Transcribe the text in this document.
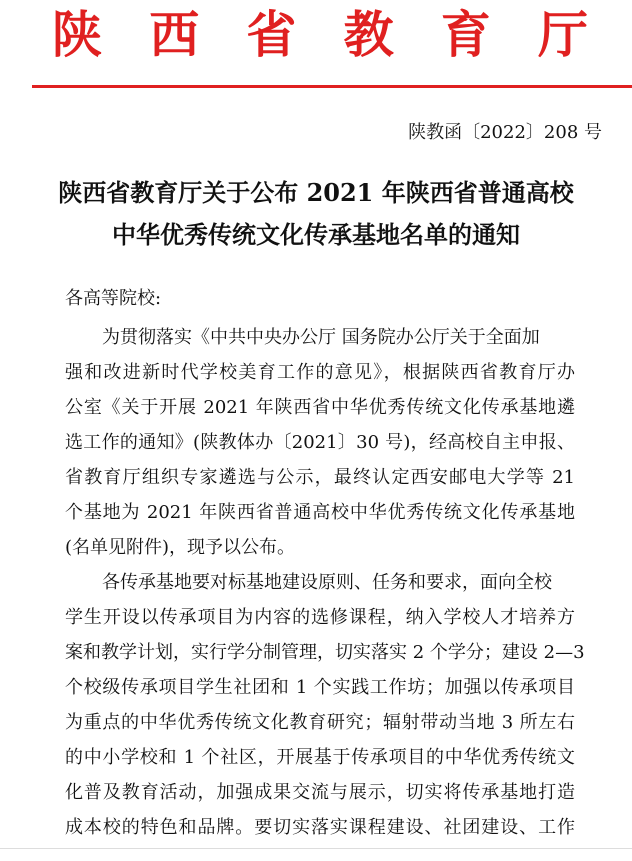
陕 西 省 教 育 厅
陕教函〔2022〕208 号
陕西省教育厅关于公布 2021 年陕西省普通高校
中华优秀传统文化传承基地名单的通知
各高等院校:
为贯彻落实《中共中央办公厅 国务院办公厅关于全面加
强和改进新时代学校美育工作的意见》，根据陕西省教育厅办
公室《关于开展 2021 年陕西省中华优秀传统文化传承基地遴
选工作的通知》(陕教体办〔2021〕30 号)，经高校自主申报、
省教育厅组织专家遴选与公示，最终认定西安邮电大学等 21
个基地为 2021 年陕西省普通高校中华优秀传统文化传承基地
(名单见附件)，现予以公布。
各传承基地要对标基地建设原则、任务和要求，面向全校
学生开设以传承项目为内容的选修课程，纳入学校人才培养方
案和教学计划，实行学分制管理，切实落实 2 个学分；建设 2—3
个校级传承项目学生社团和 1 个实践工作坊；加强以传承项目
为重点的中华优秀传统文化教育研究；辐射带动当地 3 所左右
的中小学校和 1 个社区，开展基于传承项目的中华优秀传统文
化普及教育活动，加强成果交流与展示，切实将传承基地打造
成本校的特色和品牌。要切实落实课程建设、社团建设、工作
